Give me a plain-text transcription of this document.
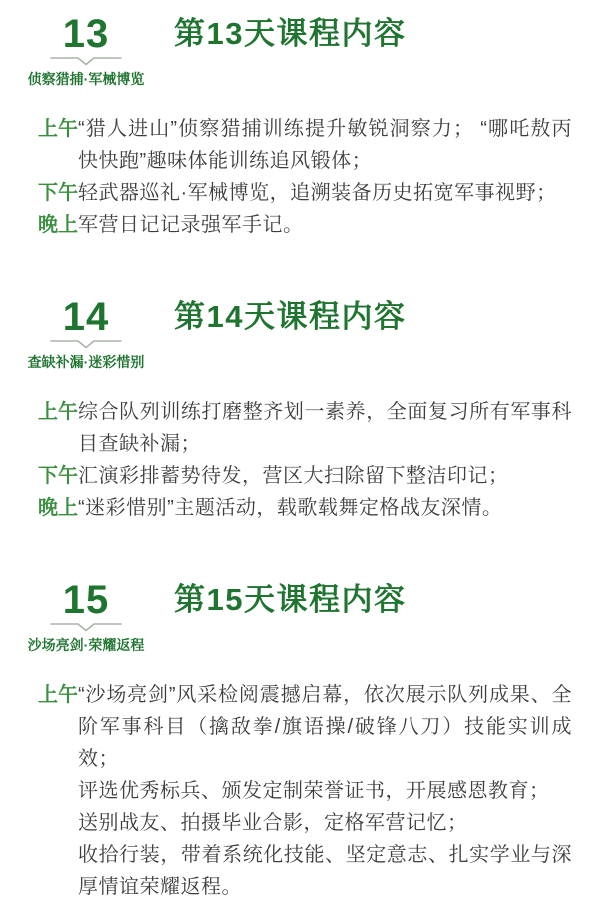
13
侦察猎捕·军械博览
第13天课程内容
上午 “猎人进山”侦察猎捕训练提升敏锐洞察力； “哪吒敖丙快快跑”趣味体能训练追风锻体；

下午 轻武器巡礼·军械博览，追溯装备历史拓宽军事视野；

晚上 军营日记记录强军手记。

14
查缺补漏·迷彩惜别
第14天课程内容
上午 综合队列训练打磨整齐划一素养，全面复习所有军事科目查缺补漏；

下午 汇演彩排蓄势待发，营区大扫除留下整洁印记；

晚上 “迷彩惜别”主题活动，载歌载舞定格战友深情。

15
沙场亮剑·荣耀返程
第15天课程内容
上午 “沙场亮剑”风采检阅震撼启幕，依次展示队列成果、全阶军事科目（擒敌拳/旗语操/破锋八刀）技能实训成效；

评选优秀标兵、颁发定制荣誉证书，开展感恩教育；

送别战友、拍摄毕业合影，定格军营记忆；

收拾行装，带着系统化技能、坚定意志、扎实学业与深厚情谊荣耀返程。
